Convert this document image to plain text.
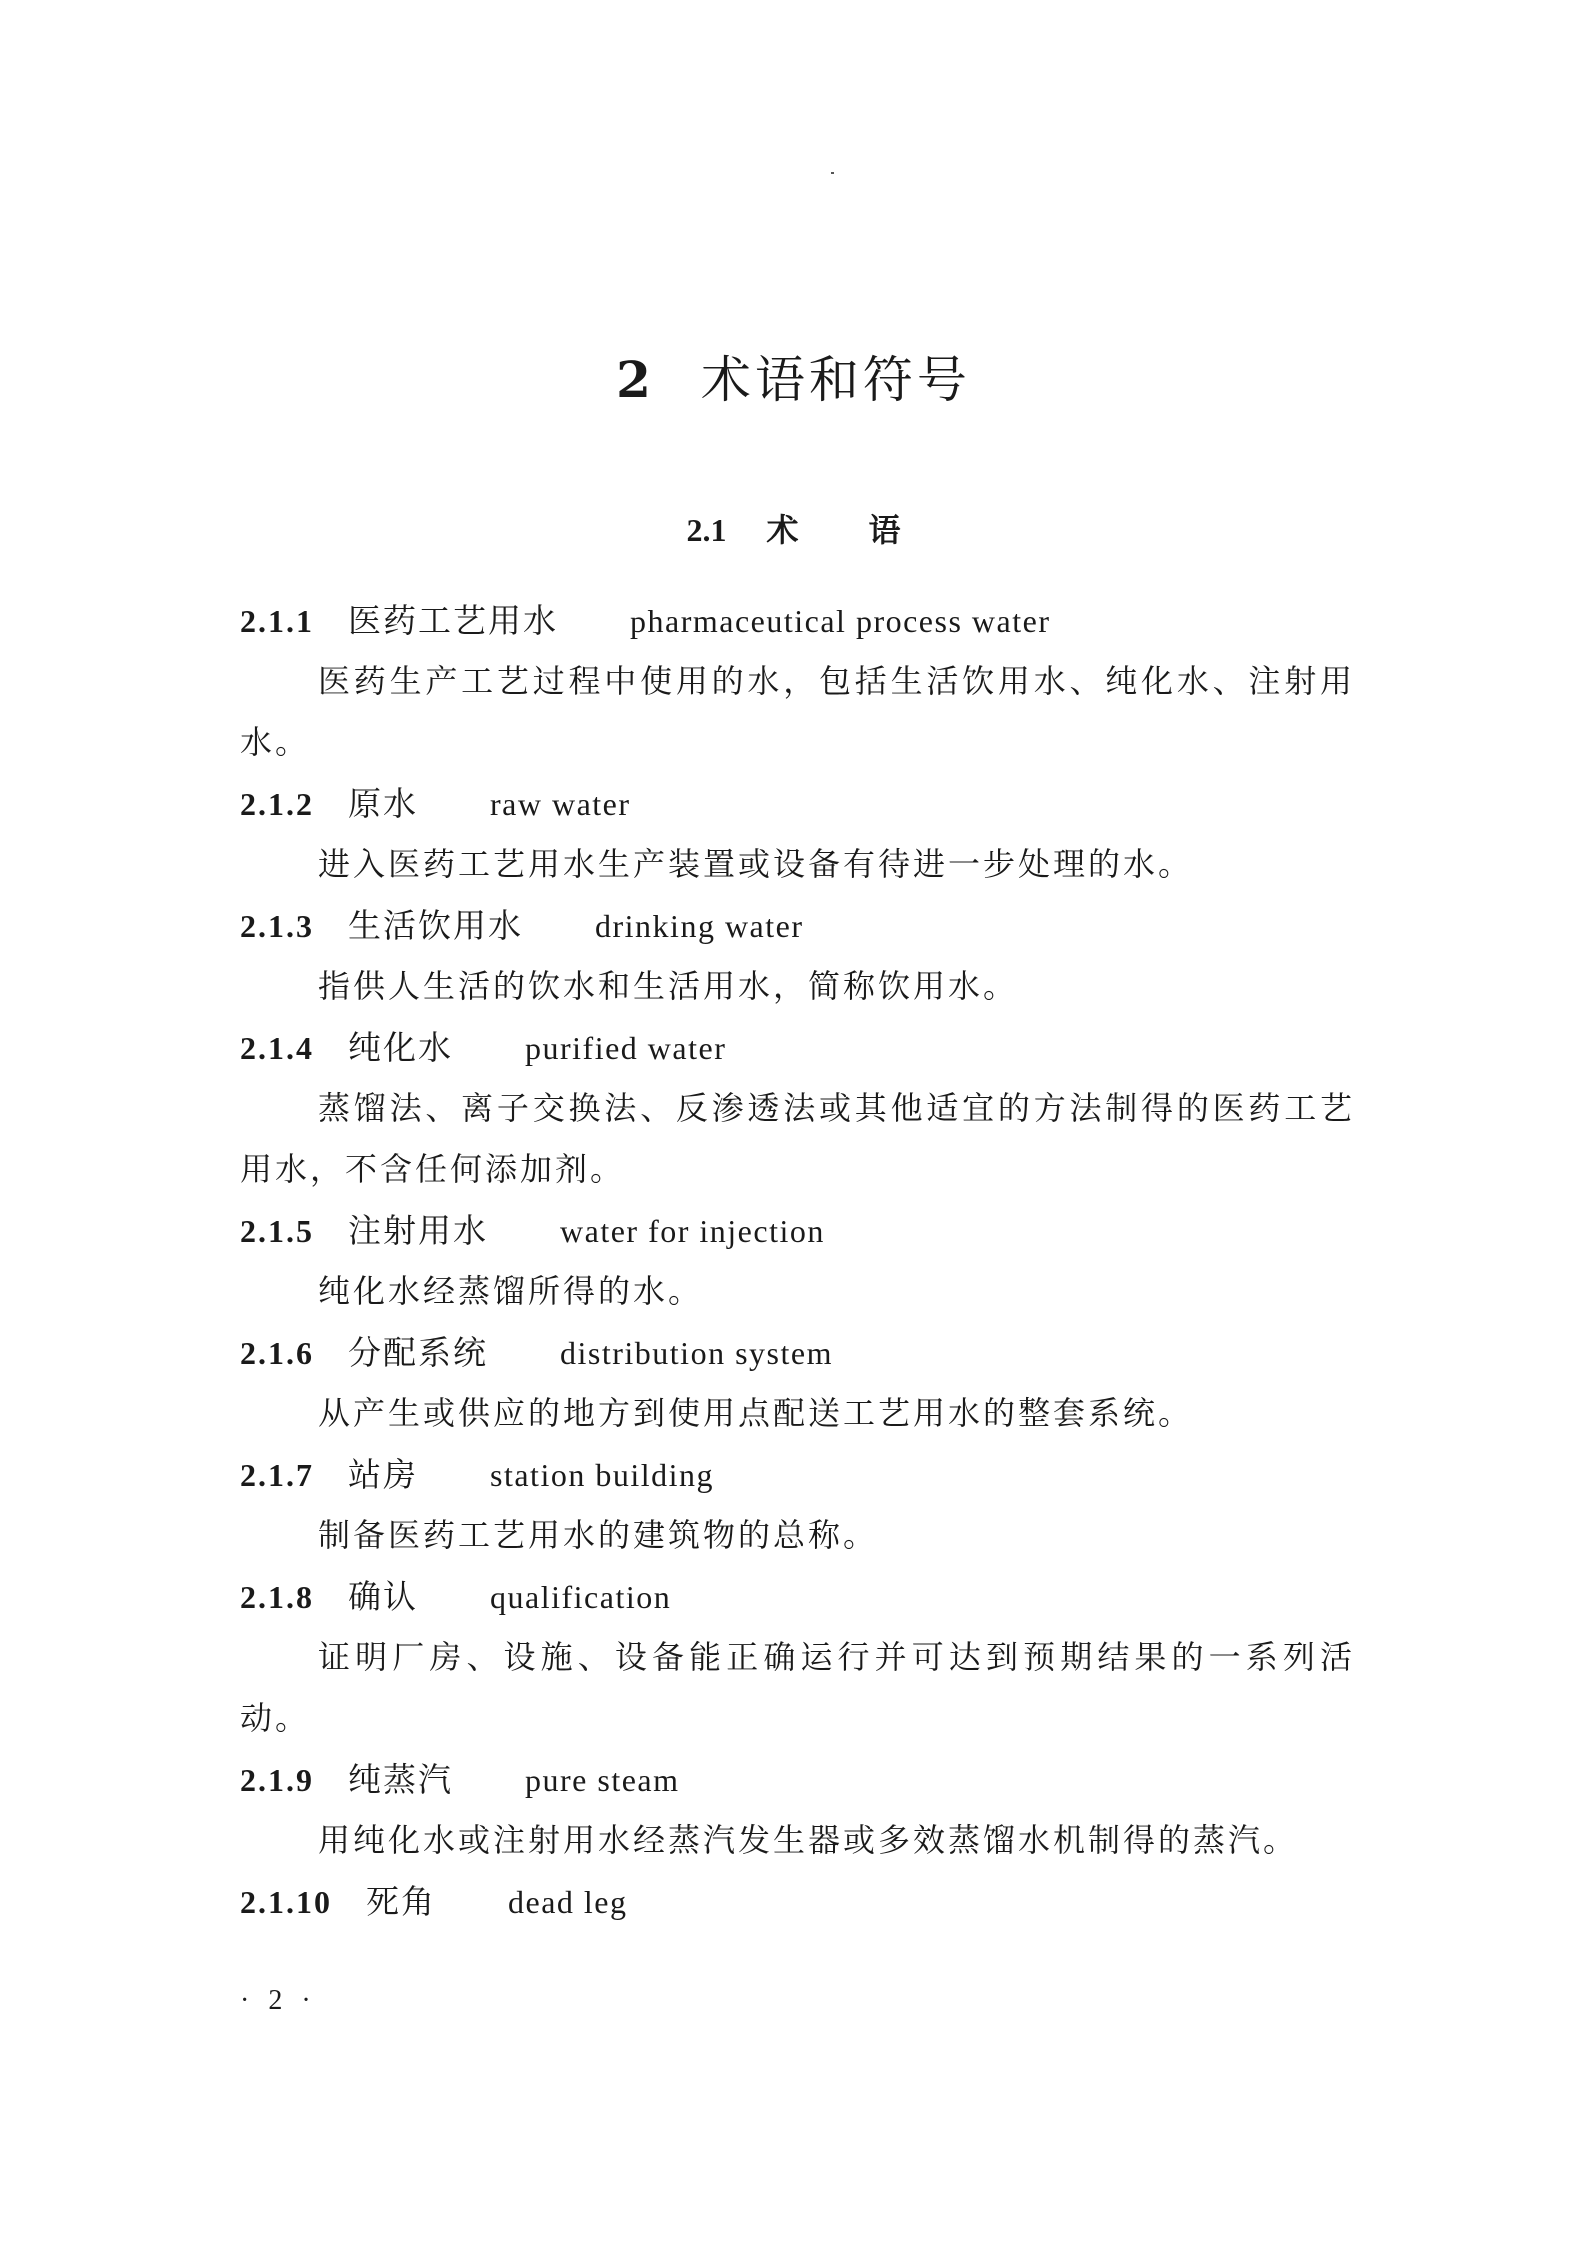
2 术语和符号
2.1 术语
2.1.1 医药工艺用水 pharmaceutical process water

医药生产工艺过程中使用的水，包括生活饮用水、纯化水、注射用水。

2.1.2 原水 raw water

进入医药工艺用水生产装置或设备有待进一步处理的水。

2.1.3 生活饮用水 drinking water

指供人生活的饮水和生活用水，简称饮用水。

2.1.4 纯化水 purified water

蒸馏法、离子交换法、反渗透法或其他适宜的方法制得的医药工艺用水，不含任何添加剂。

2.1.5 注射用水 water for injection

纯化水经蒸馏所得的水。

2.1.6 分配系统 distribution system

从产生或供应的地方到使用点配送工艺用水的整套系统。

2.1.7 站房 station building

制备医药工艺用水的建筑物的总称。

2.1.8 确认 qualification

证明厂房、设施、设备能正确运行并可达到预期结果的一系列活动。

2.1.9 纯蒸汽 pure steam

用纯化水或注射用水经蒸汽发生器或多效蒸馏水机制得的蒸汽。

2.1.10 死角 dead leg
· 2 ·
